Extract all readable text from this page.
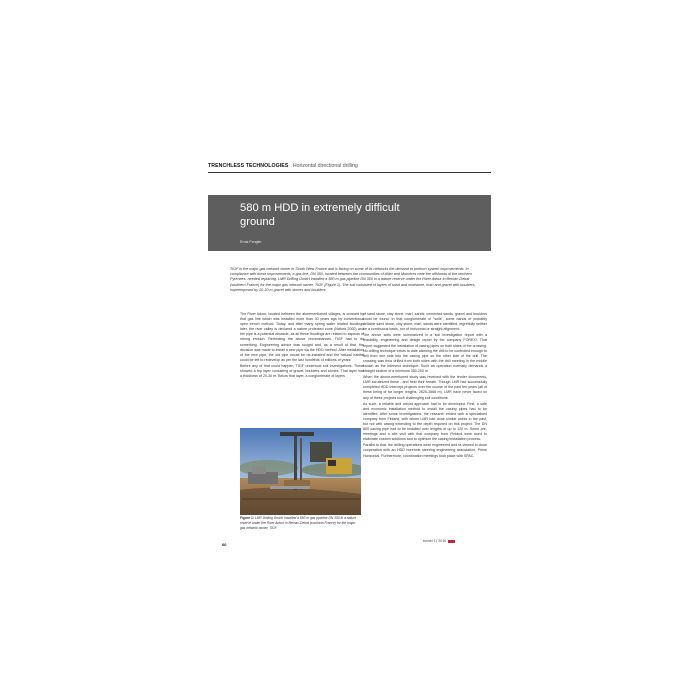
TRENCHLESS TECHNOLOGIES Horizontal directional drilling
580 m HDD in extremely difficult ground
Ernst Fengler

TIGF is the major gas network owner in South West France and is facing on some of its networks the demand to perform system improvements. In compliance with these improvements, a gas line, DN 350, located between the communities of Allier and Momères near the offshoots of the northern Pyrenees, needed replacing. LMR Drilling GmbH installed a 580 m gas pipeline DN 350 in a nature reserve under the River Adour in Bernac-Debat (southern France) for the major gas network owner, TIGF (Figure 1). The soil consisted of layers of sand and mudstone, marl and gravel with boulders, superimposed by 20-30 m gravel with stones and boulders.

The River Adour, located between the aforementioned villages, is crossed by that gas line which was installed more than 30 years ago by conventional open trench method. Today, and after many spring water related floodings later, the river valley is declared a nature protected zone (Natura 2000) and the pipe is a potential obstacle, as all these floodings are related to aspects of strong erosion. Rethinking the above circumstances, TIGF had to do something. Engineering advice was sought and, as a result of that, the decision was made to install a new pipe via the HDD method. After installation of the new pipe, the old pipe would be de-installed and the natural habitat could be left to redevelop as per the last hundreds of millions of years.

Before any of that could happen, TIGF undertook soil investigations. These showed a top layer consisting of gravel, boulders and stones. That layer had a thickness of 20-30 m. Below that layer, a conglomerate of layers

of sand stone, clay stone, marl, sands, cemented sands, gravel and boulders could be found. In that conglomerate of "soils", some bands of probably drillable sand stone, clay stone, marl, sands were identified, regretfully neither on a continuous basis, nor of horizontal or straight alignment.

The above soils were summarized in a soil investigation report with a feasibility, engineering and design report by the company FOREXI. That report suggested the installation of casing pipes on both sides of the crossing. No drilling technique exists to date allowing the drill to be controlled enough to drill from one side into the casing pipe on the other side of the drill. The crossing was thus drilled from both sides with the drill meeting in the middle known as the intersect technique. Such an operation normally demands a straight section of a minimum 350-200 m.

When the above-mentioned study was received with the tender documents, LMR scrutinized these - and held their breath. Though LMR had successfully completed HDD intercept projects over the course of the past ten years (all of these being of far longer lengths, 2626-3566 m), LMR have never faced on any of these projects such challenging soil conditions.

As such, a reliable and robust approach had to be developed. First, a safe and economic installation method to install the casing pipes had to be identified. After some investigations, the research ended with a specialised company from Finland, with whom LMR had done similar works in the past, but not with casing extending to the depth required on this project. The DN 800 casing pipe had to be installed over lengths of up to 120 m. Some pre-meetings and a site visit with that company from Finland were used to elaborate custom solutions and to optimize the casing installation process.

Parallel to that, the drilling operations were engineered and re-viewed in close cooperation with an HDD borehole steering engineering association, Prime Horizontal. Furthermore, coordination meetings took place with SPAC,

Figure 1: LMR Drilling GmbH installed a 580 m gas pipeline DN 350 in a nature reserve under the River Adour in Bernac-Debat (southern France) for the major gas network owner, TIGF

60
tunnel 1 | 2016
